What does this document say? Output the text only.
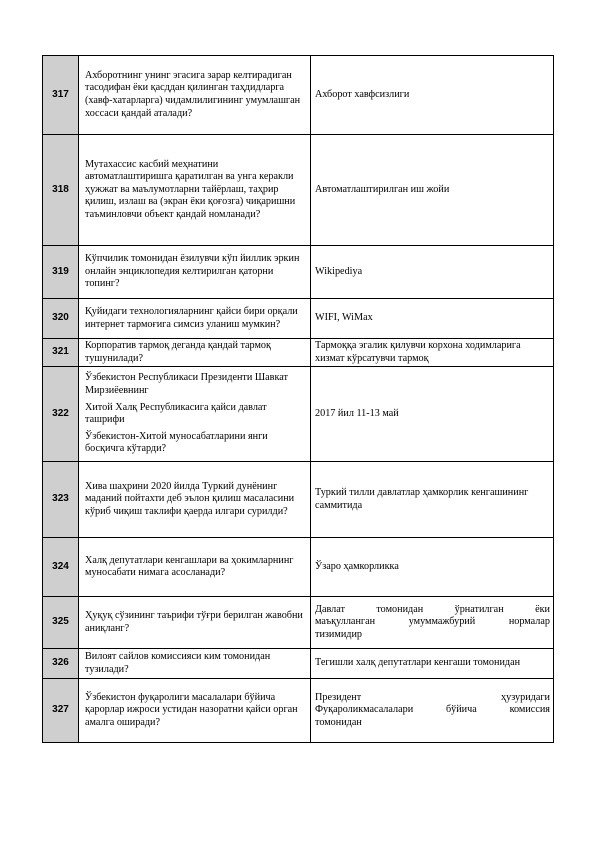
317	Ахборотнинг унинг эгасига зарар келтирадиган тасодифан ёки қасддан қилинган таҳдидларга (хавф-хатарларга) чидамлилигининг умумлашган хоссаси қандай аталади?	Ахборот хавфсизлиги
318	Мутахассис касбий меҳнатини автоматлаштиришга қаратилган ва унга керакли ҳужжат ва маълумотларни тайёрлаш, таҳрир қилиш, излаш ва (экран ёки қоғозга) чиқаришни таъминловчи объект қандай номланади?	Автоматлаштирилган иш жойи
319	Кўпчилик томонидан ёзилувчи кўп йиллик эркин онлайн энциклопедия келтирилган қаторни топинг?	Wikipediya
320	Қуйидаги технологияларнинг қайси бири орқали интернет тармоғига симсиз уланиш мумкин?	WIFI, WiMax
321	Корпоратив тармоқ деганда қандай тармоқ тушунилади?	Тармоққа эгалик қилувчи корхона ходимларига хизмат кўрсатувчи тармоқ
322	Ўзбекистон Республикаси Президенти Шавкат Мирзиёевнинг
Хитой Халқ Республикасига қайси давлат ташрифи
Ўзбекистон-Хитой муносабатларини янги босқичга кўтарди?	2017 йил 11-13 май
323	Хива шаҳрини 2020 йилда Туркий дунёнинг маданий пойтахти деб эълон қилиш масаласини кўриб чиқиш таклифи қаерда илгари сурилди?	Туркий тилли давлатлар ҳамкорлик кенгашининг саммитида
324	Халқ депутатлари кенгашлари ва ҳокимларнинг муносабати нимага асосланади?	Ўзаро ҳамкорликка
325	Ҳуқуқ сўзининг таърифи тўғри берилган жавобни аниқланг?	Давлат томонидан ўрнатилган ёки
маъқулланган умуммажбурий нормалар
тизимидир

326	Вилоят сайлов комиссияси ким томонидан тузилади?	Тегишли халқ депутатлари кенгаши томонидан
327	Ўзбекистон фуқаролиги масалалари бўйича қарорлар ижроси устидан назоратни қайси орган амалга оширади?	Президент ҳузуридаги
Фуқароликмасалалари бўйича комиссия
томонидан
